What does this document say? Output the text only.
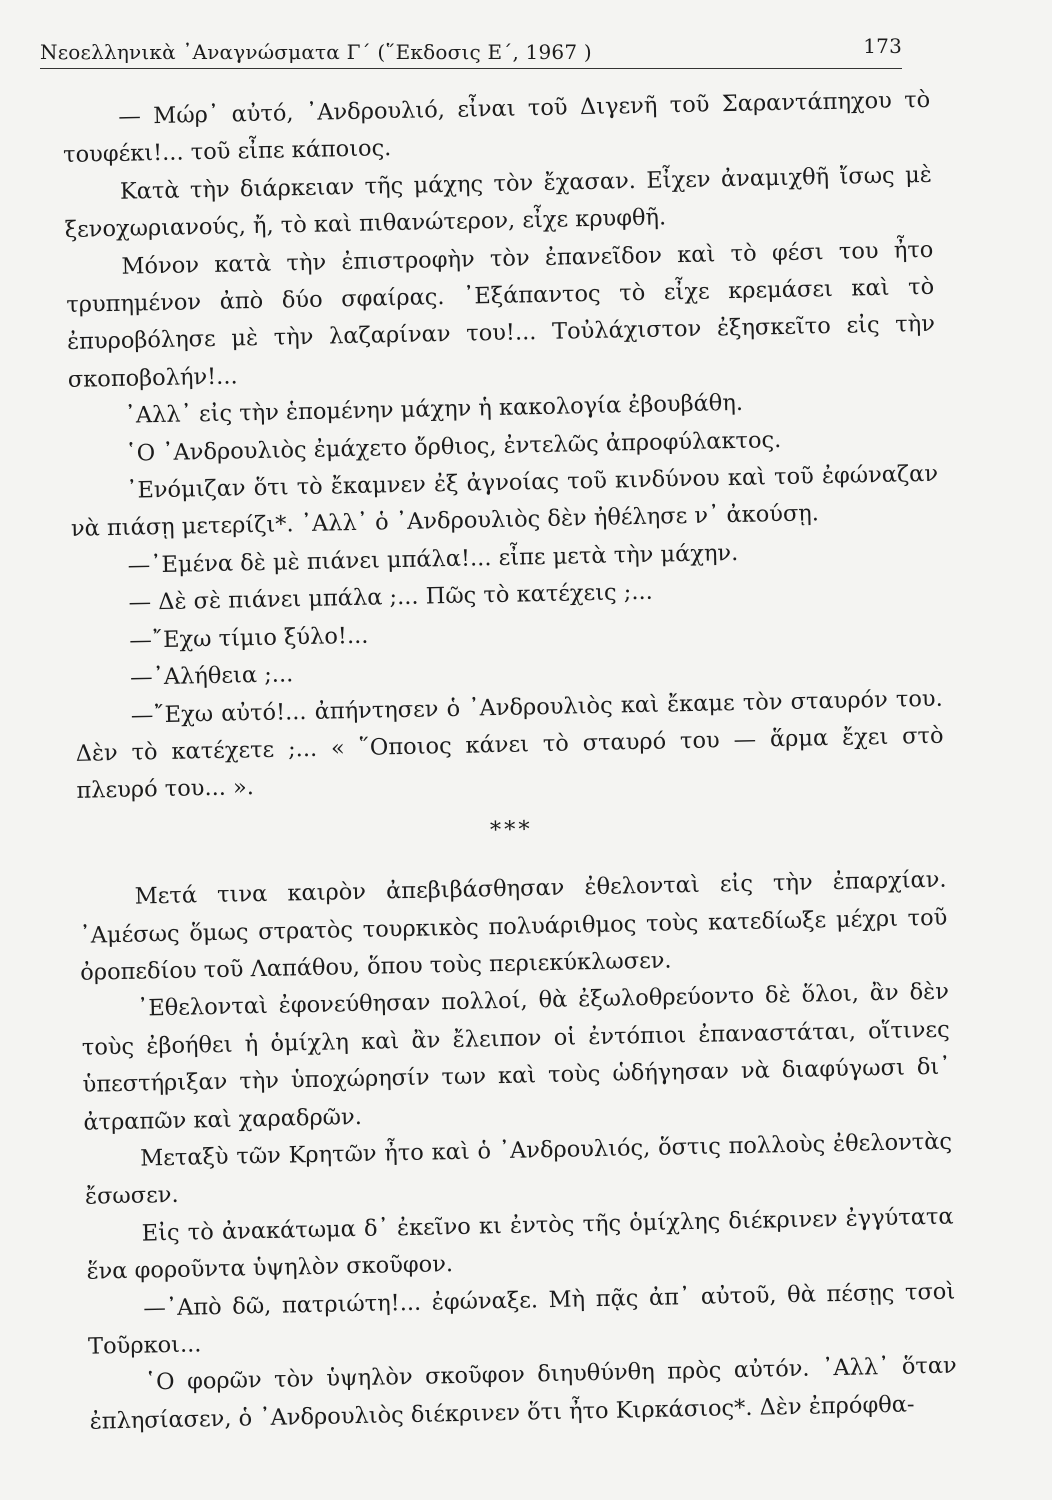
Νεοελληνικὰ ᾿Αναγνώσματα Γ΄ (῞Εκδοσις Ε΄, 1967 )	173

— Μώρ᾿ αὐτό, ᾿Ανδρουλιό, εἶναι τοῦ Διγενῆ τοῦ Σαραντάπηχου τὸ τουφέκι!... τοῦ εἶπε κάποιος.

Κατὰ τὴν διάρκειαν τῆς μάχης τὸν ἔχασαν. Εἶχεν ἀναμιχθῆ ἴσως μὲ ξενοχωριανούς, ἤ, τὸ καὶ πιθανώτερον, εἶχε κρυφθῆ.

Μόνον κατὰ τὴν ἐπιστροφὴν τὸν ἐπανεῖδον καὶ τὸ φέσι του ἦτο τρυπημένον ἀπὸ δύο σφαίρας. ᾿Εξάπαντος τὸ εἶχε κρεμάσει καὶ τὸ ἐπυροβόλησε μὲ τὴν λαζαρίναν του!... Τοὐλάχιστον ἐξησκεῖτο εἰς τὴν σκοποβολήν!...

᾿Αλλ᾿ εἰς τὴν ἑπομένην μάχην ἡ κακολογία ἐβουβάθη.

῾Ο ᾿Ανδρουλιὸς ἐμάχετο ὄρθιος, ἐντελῶς ἀπροφύλακτος.

᾿Ενόμιζαν ὅτι τὸ ἔκαμνεν ἐξ ἀγνοίας τοῦ κινδύνου καὶ τοῦ ἐφώναζαν νὰ πιάσῃ μετερίζι*. ᾿Αλλ᾿ ὁ ᾿Ανδρουλιὸς δὲν ἠθέλησε ν᾿ ἀκούσῃ.

—᾿Εμένα δὲ μὲ πιάνει μπάλα!... εἶπε μετὰ τὴν μάχην.

— Δὲ σὲ πιάνει μπάλα ;... Πῶς τὸ κατέχεις ;...

—῎Εχω τίμιο ξύλο!...

—᾿Αλήθεια ;...

—῎Εχω αὐτό!... ἀπήντησεν ὁ ᾿Ανδρουλιὸς καὶ ἔκαμε τὸν σταυρόν του. Δὲν τὸ κατέχετε ;... « ῞Οποιος κάνει τὸ σταυρό του — ἅρμα ἔχει στὸ πλευρό του... ».

***

Μετά τινα καιρὸν ἀπεβιβάσθησαν ἐθελονταὶ εἰς τὴν ἐπαρχίαν. ᾿Αμέσως ὅμως στρατὸς τουρκικὸς πολυάριθμος τοὺς κατεδίωξε μέχρι τοῦ ὀροπεδίου τοῦ Λαπάθου, ὅπου τοὺς περιεκύκλωσεν.

᾿Εθελονταὶ ἐφονεύθησαν πολλοί, θὰ ἐξωλοθρεύοντο δὲ ὅλοι, ἂν δὲν τοὺς ἐβοήθει ἡ ὁμίχλη καὶ ἂν ἔλειπον οἱ ἐντόπιοι ἐπαναστάται, οἵτινες ὑπεστήριξαν τὴν ὑποχώρησίν των καὶ τοὺς ὡδήγησαν νὰ διαφύγωσι δι᾿ ἀτραπῶν καὶ χαραδρῶν.

Μεταξὺ τῶν Κρητῶν ἦτο καὶ ὁ ᾿Ανδρουλιός, ὅστις πολλοὺς ἐθελοντὰς ἔσωσεν.

Εἰς τὸ ἀνακάτωμα δ᾿ ἐκεῖνο κι ἐντὸς τῆς ὁμίχλης διέκρινεν ἐγγύτατα ἕνα φοροῦντα ὑψηλὸν σκοῦφον.

—᾿Απὸ δῶ, πατριώτη!... ἐφώναξε. Μὴ πᾷς ἀπ᾿ αὐτοῦ, θὰ πέσῃς τσοὶ Τοῦρκοι...

῾Ο φορῶν τὸν ὑψηλὸν σκοῦφον διηυθύνθη πρὸς αὐτόν. ᾿Αλλ᾿ ὅταν ἐπλησίασεν, ὁ ᾿Ανδρουλιὸς διέκρινεν ὅτι ἦτο Κιρκάσιος*. Δὲν ἐπρόφθα-
